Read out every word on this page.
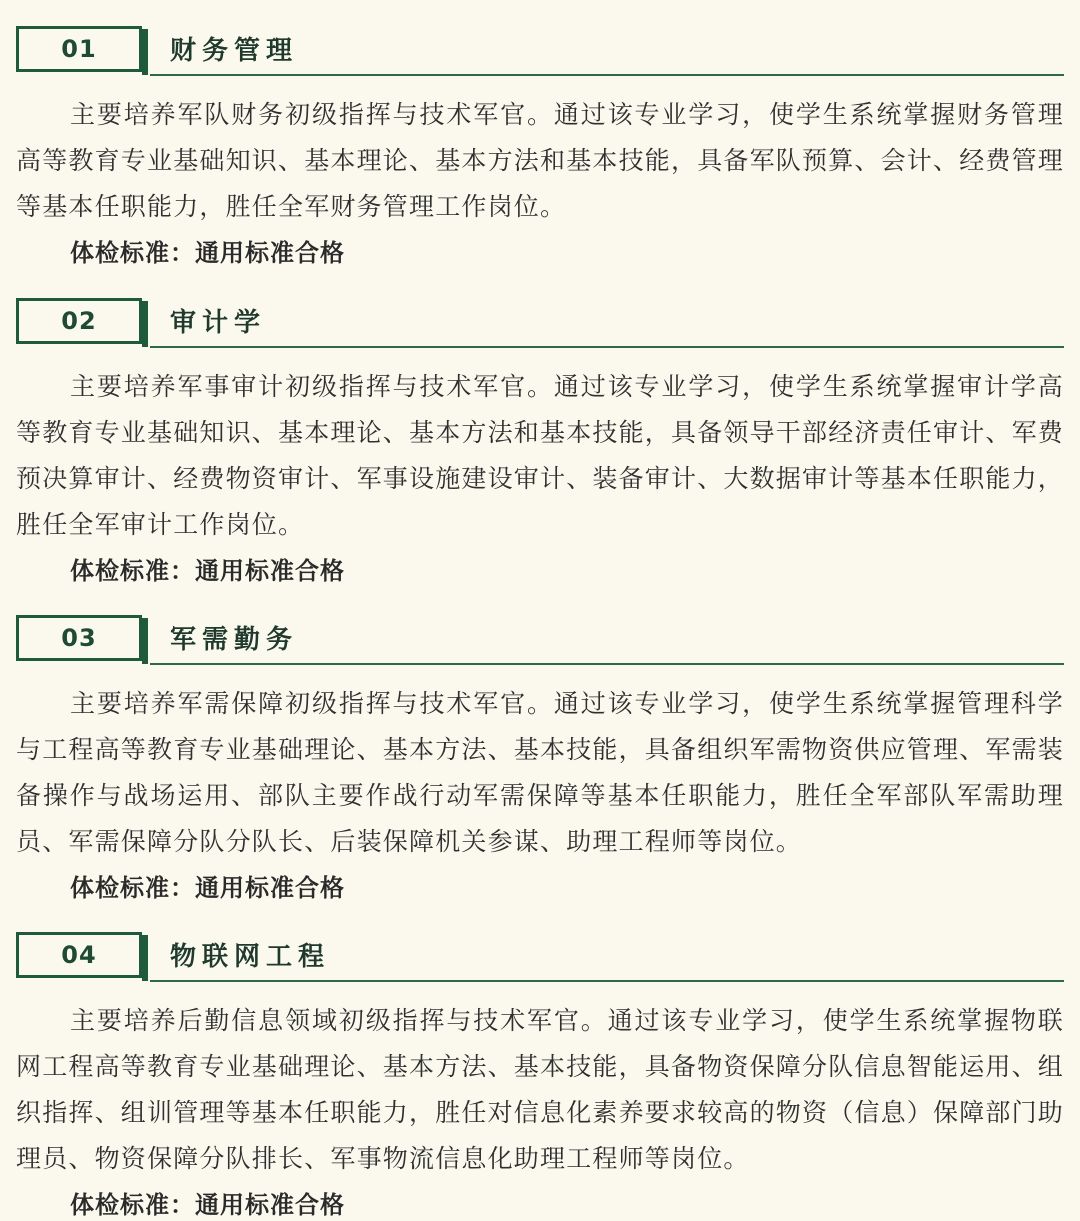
01	财务管理
主要培养军队财务初级指挥与技术军官。通过该专业学习，使学生系统掌握财务管理高等教育专业基础知识、基本理论、基本方法和基本技能，具备军队预算、会计、经费管理等基本任职能力，胜任全军财务管理工作岗位。
体检标准：通用标准合格
02	审计学
主要培养军事审计初级指挥与技术军官。通过该专业学习，使学生系统掌握审计学高等教育专业基础知识、基本理论、基本方法和基本技能，具备领导干部经济责任审计、军费预决算审计、经费物资审计、军事设施建设审计、装备审计、大数据审计等基本任职能力，胜任全军审计工作岗位。
体检标准：通用标准合格
03	军需勤务
主要培养军需保障初级指挥与技术军官。通过该专业学习，使学生系统掌握管理科学与工程高等教育专业基础理论、基本方法、基本技能，具备组织军需物资供应管理、军需装备操作与战场运用、部队主要作战行动军需保障等基本任职能力，胜任全军部队军需助理员、军需保障分队分队长、后装保障机关参谋、助理工程师等岗位。
体检标准：通用标准合格
04	物联网工程
主要培养后勤信息领域初级指挥与技术军官。通过该专业学习，使学生系统掌握物联网工程高等教育专业基础理论、基本方法、基本技能，具备物资保障分队信息智能运用、组织指挥、组训管理等基本任职能力，胜任对信息化素养要求较高的物资（信息）保障部门助理员、物资保障分队排长、军事物流信息化助理工程师等岗位。
体检标准：通用标准合格
